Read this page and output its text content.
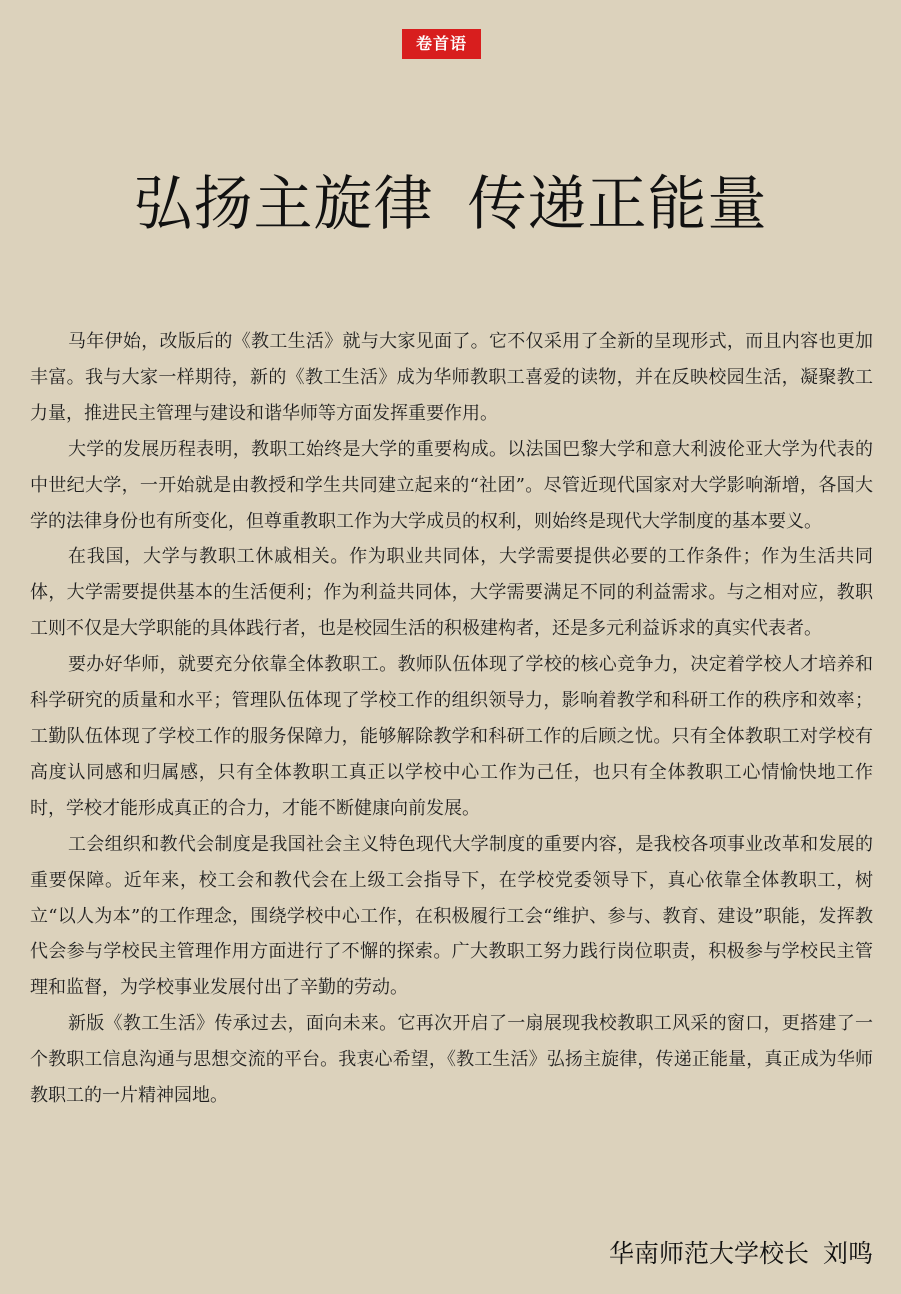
卷首语
弘扬主旋律 传递正能量

马年伊始，改版后的《教工生活》就与大家见面了。它不仅采用了全新的呈现形式，而且内容也更加丰富。我与大家一样期待，新的《教工生活》成为华师教职工喜爱的读物，并在反映校园生活，凝聚教工力量，推进民主管理与建设和谐华师等方面发挥重要作用。

大学的发展历程表明，教职工始终是大学的重要构成。以法国巴黎大学和意大利波伦亚大学为代表的中世纪大学，一开始就是由教授和学生共同建立起来的“社团”。尽管近现代国家对大学影响渐增，各国大学的法律身份也有所变化，但尊重教职工作为大学成员的权利，则始终是现代大学制度的基本要义。

在我国，大学与教职工休戚相关。作为职业共同体，大学需要提供必要的工作条件；作为生活共同体，大学需要提供基本的生活便利；作为利益共同体，大学需要满足不同的利益需求。与之相对应，教职工则不仅是大学职能的具体践行者，也是校园生活的积极建构者，还是多元利益诉求的真实代表者。

要办好华师，就要充分依靠全体教职工。教师队伍体现了学校的核心竞争力，决定着学校人才培养和科学研究的质量和水平；管理队伍体现了学校工作的组织领导力，影响着教学和科研工作的秩序和效率；工勤队伍体现了学校工作的服务保障力，能够解除教学和科研工作的后顾之忧。只有全体教职工对学校有高度认同感和归属感，只有全体教职工真正以学校中心工作为己任，也只有全体教职工心情愉快地工作时，学校才能形成真正的合力，才能不断健康向前发展。

工会组织和教代会制度是我国社会主义特色现代大学制度的重要内容，是我校各项事业改革和发展的重要保障。近年来，校工会和教代会在上级工会指导下，在学校党委领导下，真心依靠全体教职工，树立“以人为本”的工作理念，围绕学校中心工作，在积极履行工会“维护、参与、教育、建设”职能，发挥教代会参与学校民主管理作用方面进行了不懈的探索。广大教职工努力践行岗位职责，积极参与学校民主管理和监督，为学校事业发展付出了辛勤的劳动。

新版《教工生活》传承过去，面向未来。它再次开启了一扇展现我校教职工风采的窗口，更搭建了一个教职工信息沟通与思想交流的平台。我衷心希望，《教工生活》弘扬主旋律，传递正能量，真正成为华师教职工的一片精神园地。

华南师范大学校长 刘鸣
